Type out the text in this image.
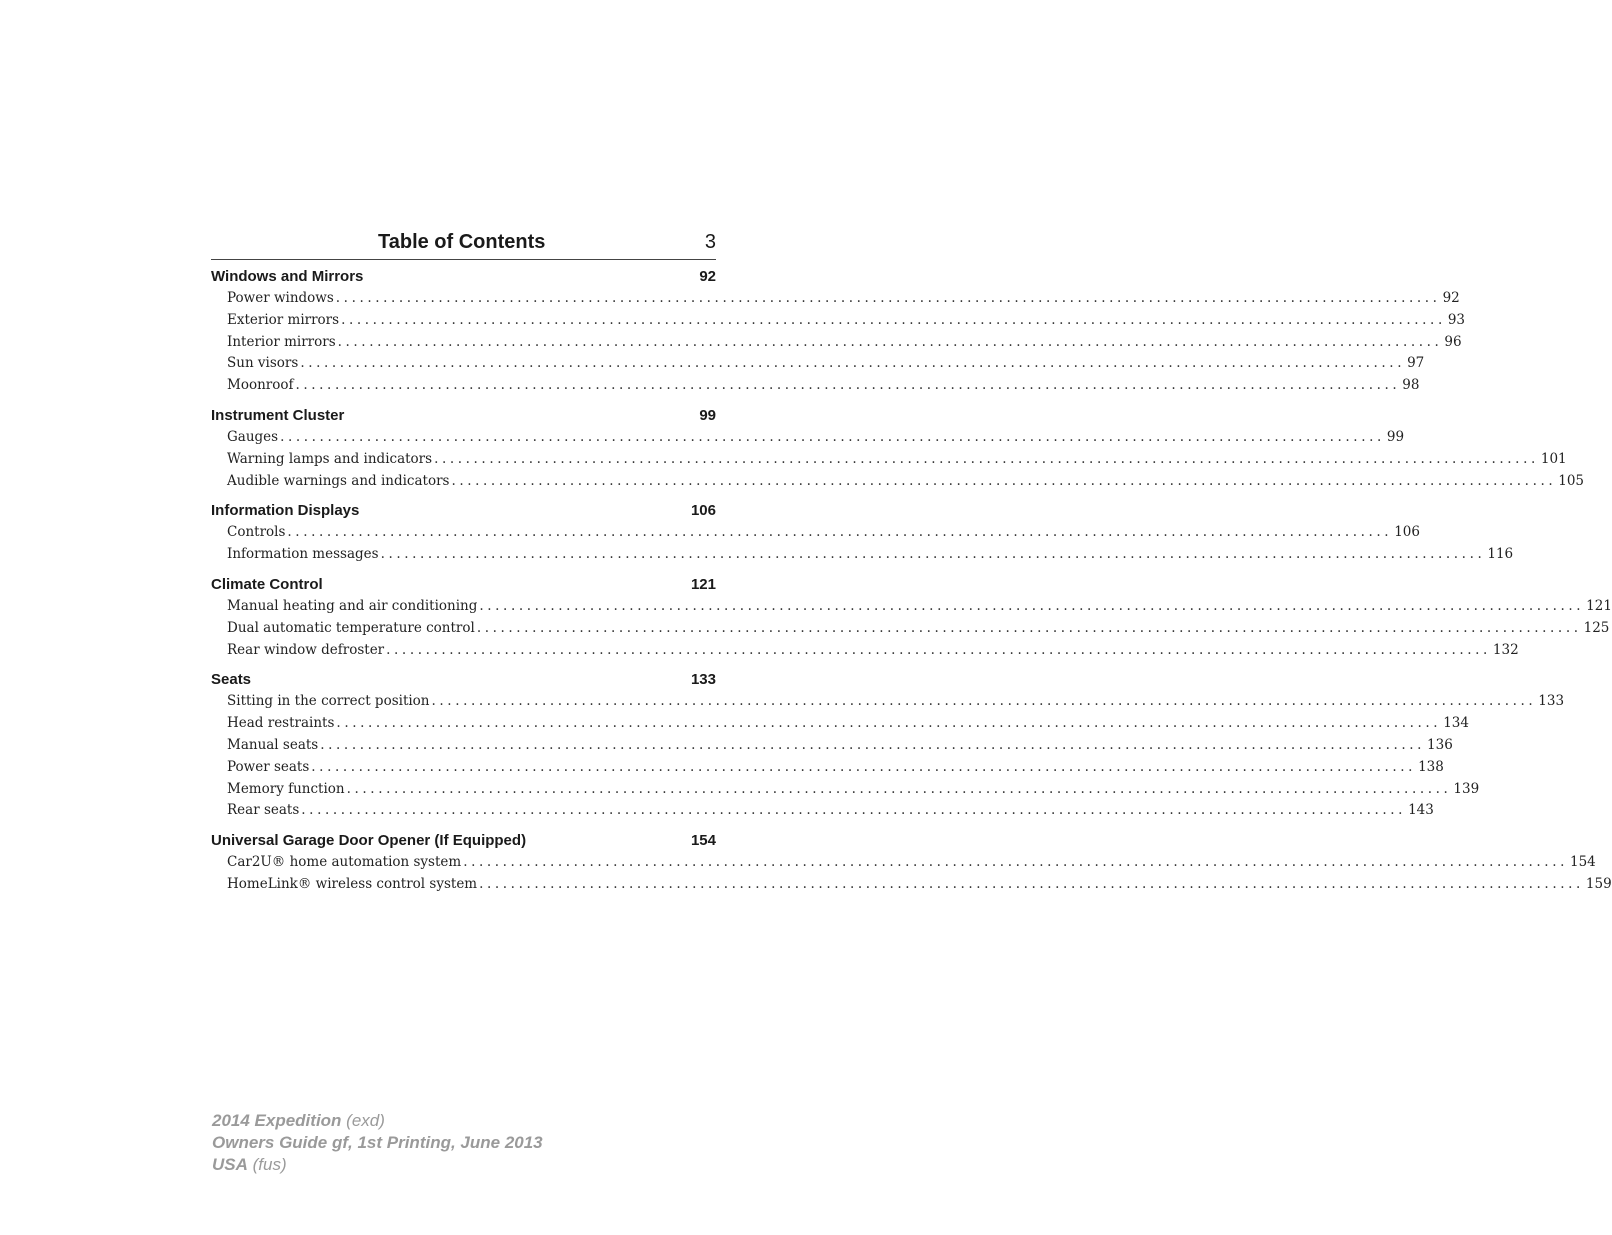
Table of Contents	3
Windows and Mirrors	92
Power windows ............................................................................................................................................ 92
Exterior mirrors ............................................................................................................................................ 93
Interior mirrors ............................................................................................................................................ 96
Sun visors ............................................................................................................................................ 97
Moonroof ............................................................................................................................................ 98
Instrument Cluster	99
Gauges ............................................................................................................................................ 99
Warning lamps and indicators ............................................................................................................................................ 101
Audible warnings and indicators ............................................................................................................................................ 105
Information Displays	106
Controls ............................................................................................................................................ 106
Information messages ............................................................................................................................................ 116
Climate Control	121
Manual heating and air conditioning ............................................................................................................................................ 121
Dual automatic temperature control ............................................................................................................................................ 125
Rear window defroster ............................................................................................................................................ 132
Seats	133
Sitting in the correct position ............................................................................................................................................ 133
Head restraints ............................................................................................................................................ 134
Manual seats ............................................................................................................................................ 136
Power seats ............................................................................................................................................ 138
Memory function ............................................................................................................................................ 139
Rear seats ............................................................................................................................................ 143
Universal Garage Door Opener (If Equipped)	154
Car2U® home automation system ............................................................................................................................................ 154
HomeLink® wireless control system ............................................................................................................................................ 159
2014 Expedition (exd)
Owners Guide gf, 1st Printing, June 2013
USA (fus)
